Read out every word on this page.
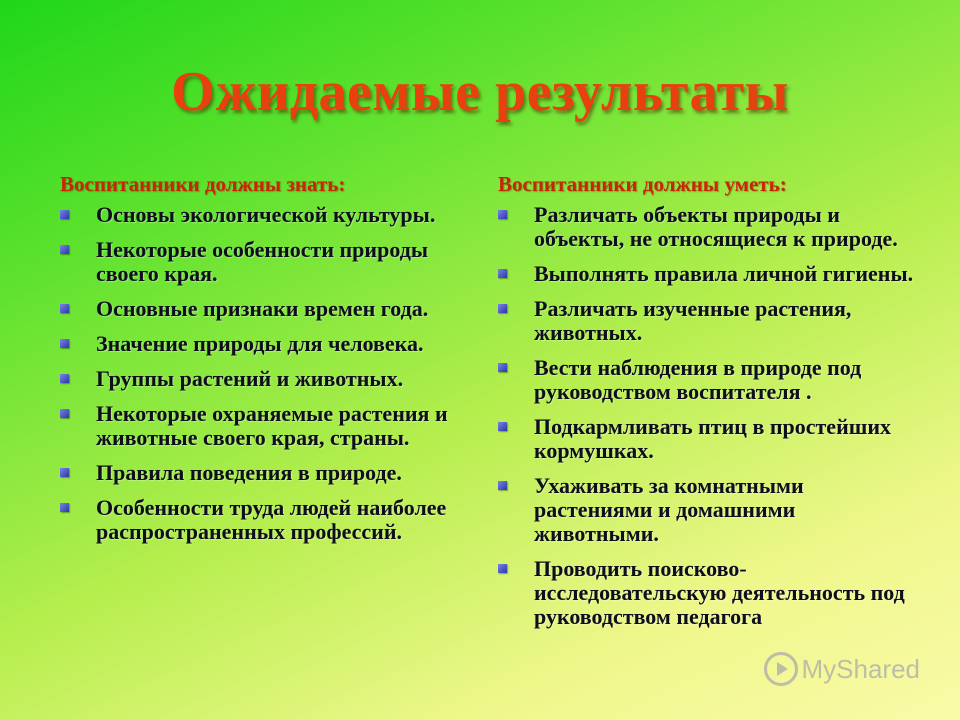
Ожидаемые результаты
Воспитанники должны знать:
Основы экологической культуры.
Некоторые особенности природы своего края.
Основные признаки времен года.
Значение природы для человека.
Группы растений и животных.
Некоторые охраняемые растения и животные своего края, страны.
Правила поведения в природе.
Особенности труда людей наиболее распространенных профессий.
Воспитанники должны уметь:
Различать объекты природы и объекты, не относящиеся к природе.
Выполнять правила личной гигиены.
Различать изученные растения, животных.
Вести наблюдения в природе под руководством воспитателя .
Подкармливать птиц в простейших кормушках.
Ухаживать за комнатными растениями и домашними животными.
Проводить поисково-исследовательскую деятельность под руководством педагога
MyShared
